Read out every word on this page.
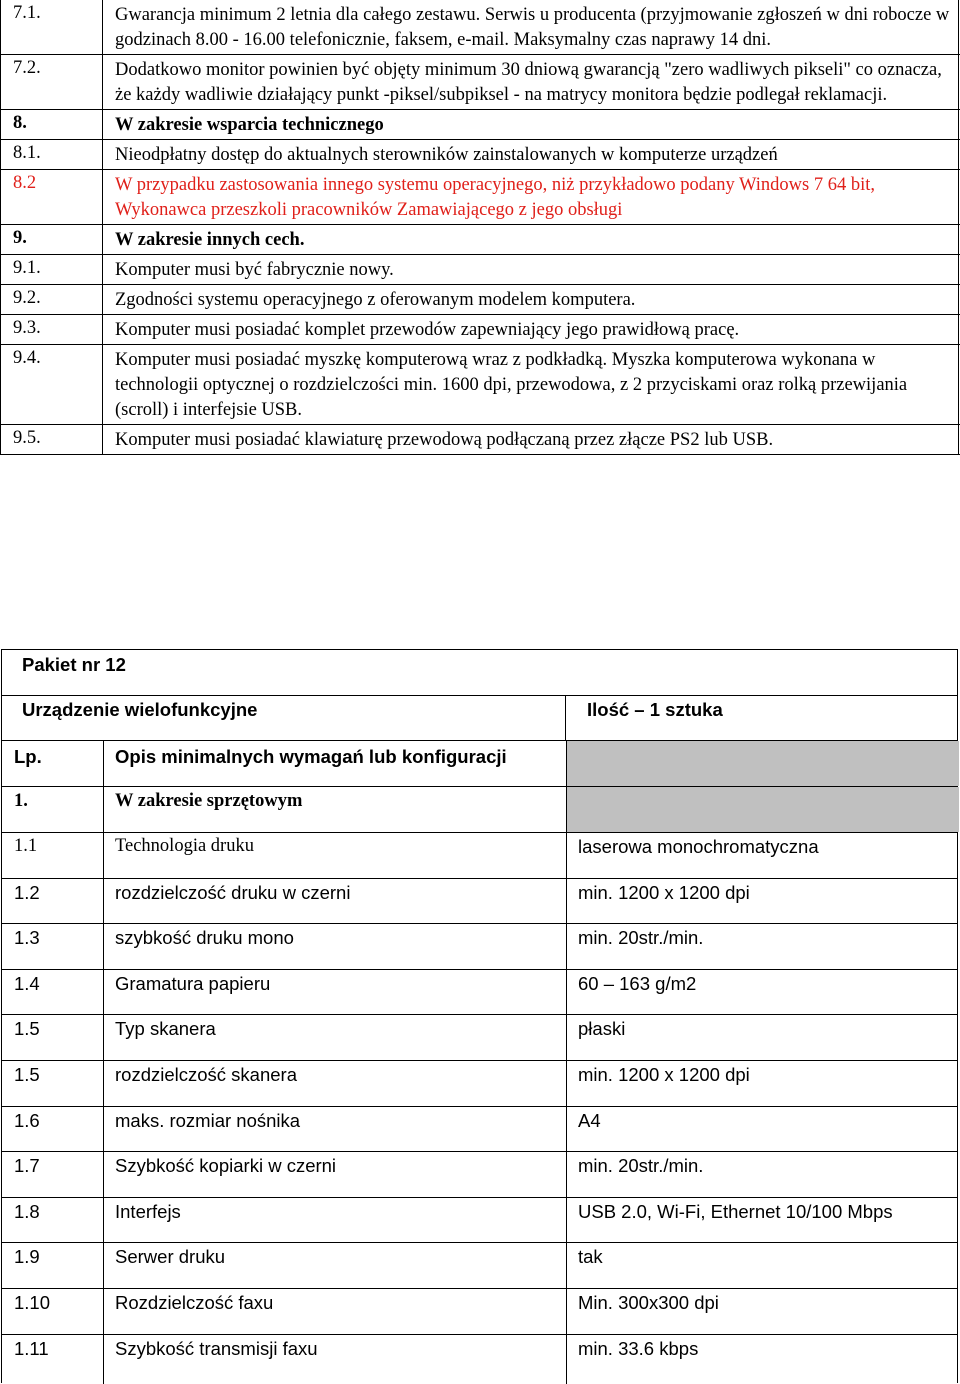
7.1.	Gwarancja minimum 2 letnia dla całego zestawu. Serwis u producenta (przyjmowanie zgłoszeń w dni robocze w godzinach 8.00 - 16.00 telefonicznie, faksem, e-mail. Maksymalny czas naprawy 14 dni.
7.2.	Dodatkowo monitor powinien być objęty minimum 30 dniową gwarancją "zero wadliwych pikseli" co oznacza, że każdy wadliwie działający punkt -piksel/subpiksel - na matrycy monitora będzie podlegał reklamacji.
8.	W zakresie wsparcia technicznego
8.1.	Nieodpłatny dostęp do aktualnych sterowników zainstalowanych w komputerze urządzeń
8.2	W przypadku zastosowania innego systemu operacyjnego, niż przykładowo podany Windows 7 64 bit, Wykonawca przeszkoli pracowników Zamawiającego z jego obsługi
9.	W zakresie innych cech.
9.1.	Komputer musi być fabrycznie nowy.
9.2.	Zgodności systemu operacyjnego z oferowanym modelem komputera.
9.3.	Komputer musi posiadać komplet przewodów zapewniający jego prawidłową pracę.
9.4.	Komputer musi posiadać myszkę komputerową wraz z podkładką. Myszka komputerowa wykonana w technologii optycznej o rozdzielczości min. 1600 dpi, przewodowa, z 2 przyciskami oraz rolką przewijania (scroll) i interfejsie USB.
9.5.	Komputer musi posiadać klawiaturę przewodową podłączaną przez złącze PS2 lub USB.
Pakiet nr 12
Urządzenie wielofunkcyjne	Ilość – 1 sztuka
Lp.	Opis minimalnych wymagań lub konfiguracji
1.	W zakresie sprzętowym
1.1	Technologia druku	laserowa monochromatyczna
1.2	rozdzielczość druku w czerni	min. 1200 x 1200 dpi
1.3	szybkość druku mono	min. 20str./min.
1.4	Gramatura papieru	60 – 163 g/m2
1.5	Typ skanera	płaski
1.5	rozdzielczość skanera	min. 1200 x 1200 dpi
1.6	maks. rozmiar nośnika	A4
1.7	Szybkość kopiarki w czerni	min. 20str./min.
1.8	Interfejs	USB 2.0, Wi-Fi, Ethernet 10/100 Mbps
1.9	Serwer druku	tak
1.10	Rozdzielczość faxu	Min. 300x300 dpi
1.11	Szybkość transmisji faxu	min. 33.6 kbps
